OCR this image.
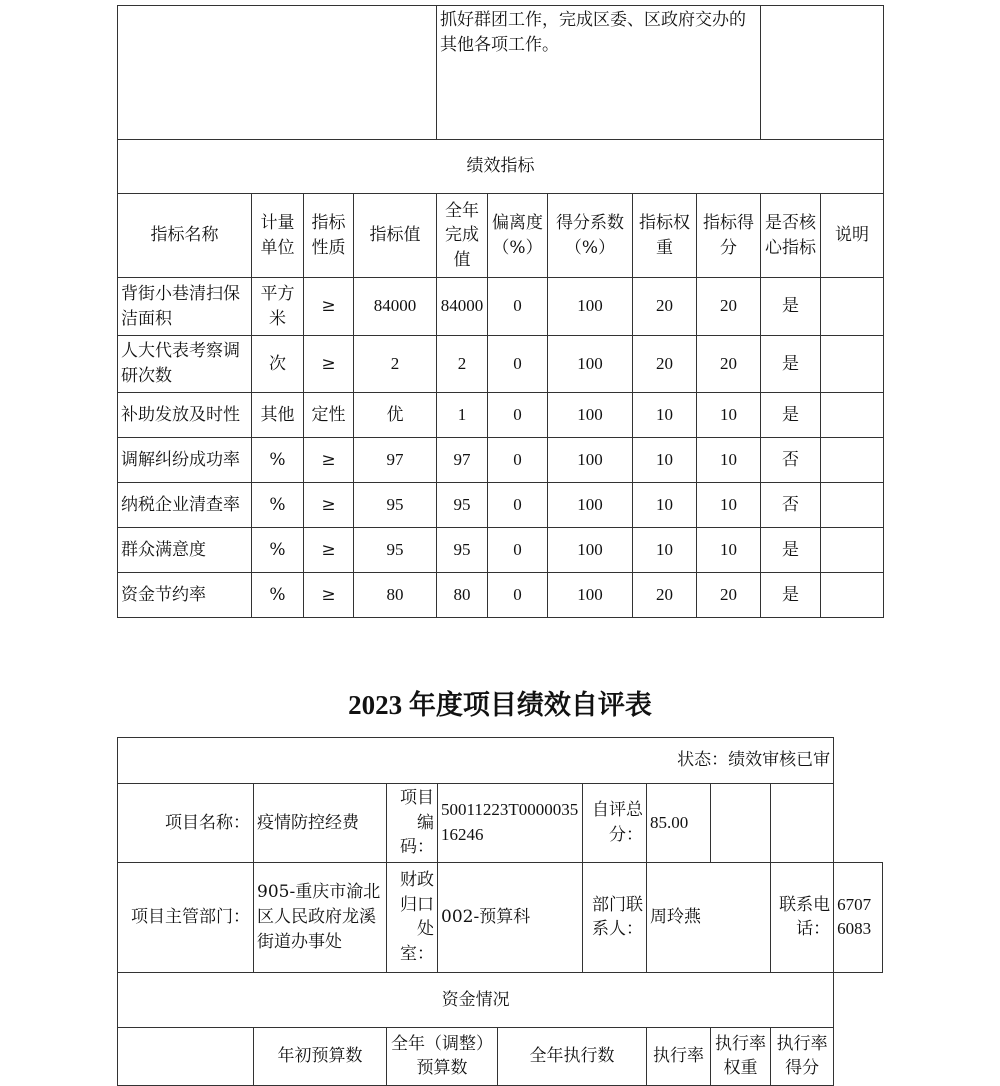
				抓好群团工作，完成区委、区政府交办的其他各项工作。						
绩效指标										
指标名称	计量单位	指标性质	指标值	全年完成值	偏离度（%）	得分系数（%）	指标权重	指标得分	是否核心指标	说明
背街小巷清扫保洁面积	平方米	≥	84000	84000	0	100	20	20	是	
人大代表考察调研次数	次	≥	2	2	0	100	20	20	是	
补助发放及时性	其他	定性	优	1	0	100	10	10	是	
调解纠纷成功率	%	≥	97	97	0	100	10	10	否	
纳税企业清查率	%	≥	95	95	0	100	10	10	否	
群众满意度	%	≥	95	95	0	100	10	10	是	
资金节约率	%	≥	80	80	0	100	20	20	是	
2023 年度项目绩效自评表
状态：绩效审核已审									
项目名称：	疫情防控经费	项目编码：	50011223T000003516246		自评总分：	85.00			
项目主管部门：	905-重庆市渝北区人民政府龙溪街道办事处	财政归口处室：	002-预算科		部门联系人：	周玲燕		联系电话：	67076083
资金情况									
	年初预算数	全年（调整）预算数		全年执行数		执行率	执行率权重	执行率得分	
